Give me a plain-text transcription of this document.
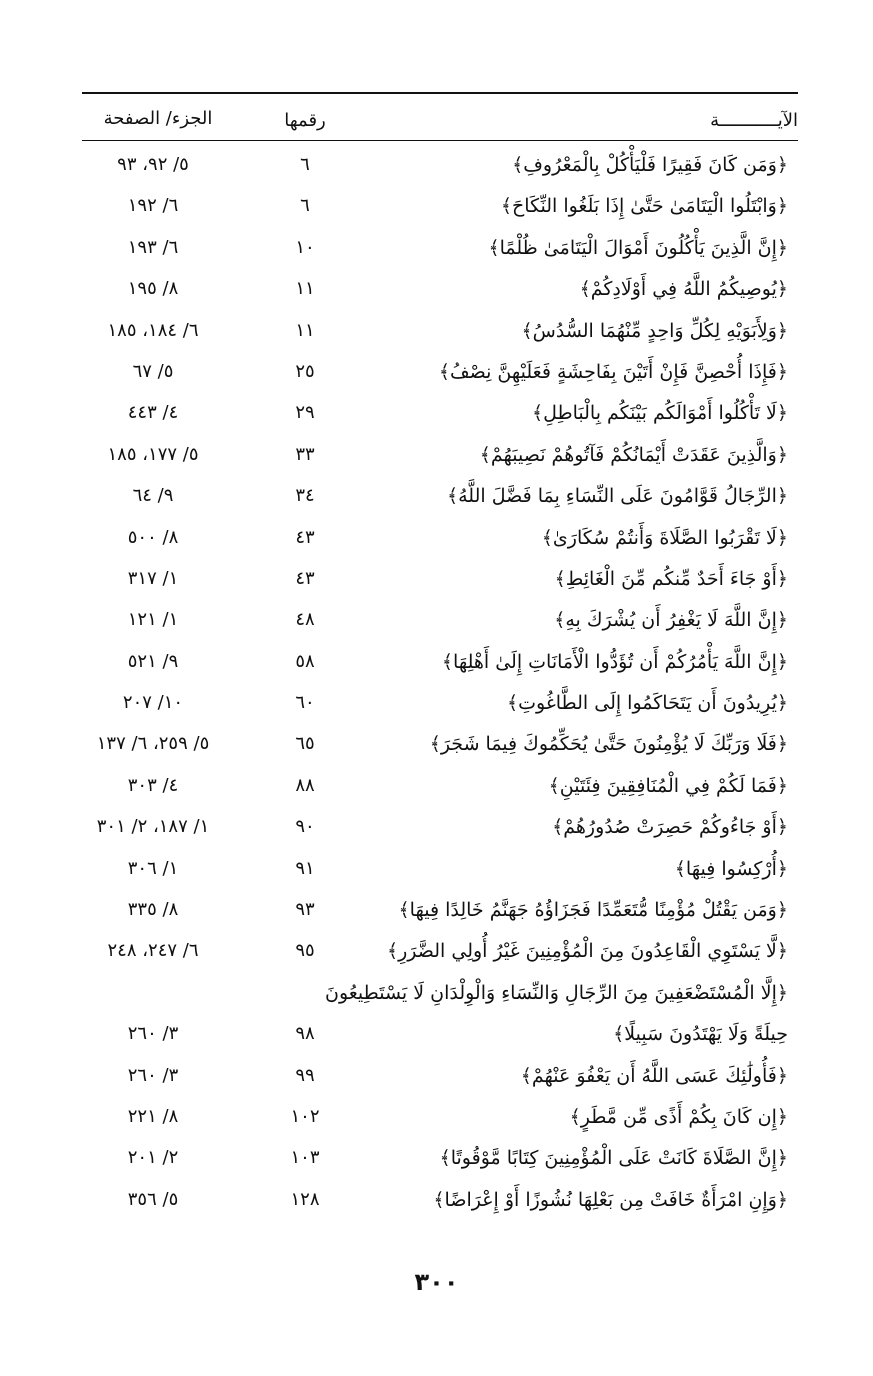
الآيـــــــــــة
رقمها
الجزء/ الصفحة
﴿وَمَن كَانَ فَقِيرًا فَلْيَأْكُلْ بِالْمَعْرُوفِ﴾
٦
٥/ ٩٢، ٩٣
﴿وَابْتَلُوا الْيَتَامَىٰ حَتَّىٰ إِذَا بَلَغُوا النِّكَاحَ﴾
٦
٦/ ١٩٢
﴿إِنَّ الَّذِينَ يَأْكُلُونَ أَمْوَالَ الْيَتَامَىٰ ظُلْمًا﴾
١٠
٦/ ١٩٣
﴿يُوصِيكُمُ اللَّهُ فِي أَوْلَادِكُمْ﴾
١١
٨/ ١٩٥
﴿وَلِأَبَوَيْهِ لِكُلِّ وَاحِدٍ مِّنْهُمَا السُّدُسُ﴾
١١
٦/ ١٨٤، ١٨٥
﴿فَإِذَا أُحْصِنَّ فَإِنْ أَتَيْنَ بِفَاحِشَةٍ فَعَلَيْهِنَّ نِصْفُ﴾
٢٥
٥/ ٦٧
﴿لَا تَأْكُلُوا أَمْوَالَكُم بَيْنَكُم بِالْبَاطِلِ﴾
٢٩
٤/ ٤٤٣
﴿وَالَّذِينَ عَقَدَتْ أَيْمَانُكُمْ فَآتُوهُمْ نَصِيبَهُمْ﴾
٣٣
٥/ ١٧٧، ١٨٥
﴿الرِّجَالُ قَوَّامُونَ عَلَى النِّسَاءِ بِمَا فَضَّلَ اللَّهُ﴾
٣٤
٩/ ٦٤
﴿لَا تَقْرَبُوا الصَّلَاةَ وَأَنتُمْ سُكَارَىٰ﴾
٤٣
٨/ ٥٠٠
﴿أَوْ جَاءَ أَحَدٌ مِّنكُم مِّنَ الْغَائِطِ﴾
٤٣
١/ ٣١٧
﴿إِنَّ اللَّهَ لَا يَغْفِرُ أَن يُشْرَكَ بِهِ﴾
٤٨
١/ ١٢١
﴿إِنَّ اللَّهَ يَأْمُرُكُمْ أَن تُؤَدُّوا الْأَمَانَاتِ إِلَىٰ أَهْلِهَا﴾
٥٨
٩/ ٥٢١
﴿يُرِيدُونَ أَن يَتَحَاكَمُوا إِلَى الطَّاغُوتِ﴾
٦٠
١٠/ ٢٠٧
﴿فَلَا وَرَبِّكَ لَا يُؤْمِنُونَ حَتَّىٰ يُحَكِّمُوكَ فِيمَا شَجَرَ﴾
٦٥
٥/ ٢٥٩، ٦/ ١٣٧
﴿فَمَا لَكُمْ فِي الْمُنَافِقِينَ فِئَتَيْنِ﴾
٨٨
٤/ ٣٠٣
﴿أَوْ جَاءُوكُمْ حَصِرَتْ صُدُورُهُمْ﴾
٩٠
١/ ١٨٧، ٢/ ٣٠١
﴿أُرْكِسُوا فِيهَا﴾
٩١
١/ ٣٠٦
﴿وَمَن يَقْتُلْ مُؤْمِنًا مُّتَعَمِّدًا فَجَزَاؤُهُ جَهَنَّمُ خَالِدًا فِيهَا﴾
٩٣
٨/ ٣٣٥
﴿لَّا يَسْتَوِي الْقَاعِدُونَ مِنَ الْمُؤْمِنِينَ غَيْرُ أُولِي الضَّرَرِ﴾
٩٥
٦/ ٢٤٧، ٢٤٨
﴿إِلَّا الْمُسْتَضْعَفِينَ مِنَ الرِّجَالِ وَالنِّسَاءِ وَالْوِلْدَانِ لَا يَسْتَطِيعُونَ
حِيلَةً وَلَا يَهْتَدُونَ سَبِيلًا﴾
٩٨
٣/ ٢٦٠
﴿فَأُولَٰئِكَ عَسَى اللَّهُ أَن يَعْفُوَ عَنْهُمْ﴾
٩٩
٣/ ٢٦٠
﴿إِن كَانَ بِكُمْ أَذًى مِّن مَّطَرٍ﴾
١٠٢
٨/ ٢٢١
﴿إِنَّ الصَّلَاةَ كَانَتْ عَلَى الْمُؤْمِنِينَ كِتَابًا مَّوْقُوتًا﴾
١٠٣
٢/ ٢٠١
﴿وَإِنِ امْرَأَةٌ خَافَتْ مِن بَعْلِهَا نُشُوزًا أَوْ إِعْرَاضًا﴾
١٢٨
٥/ ٣٥٦
٣٠٠
